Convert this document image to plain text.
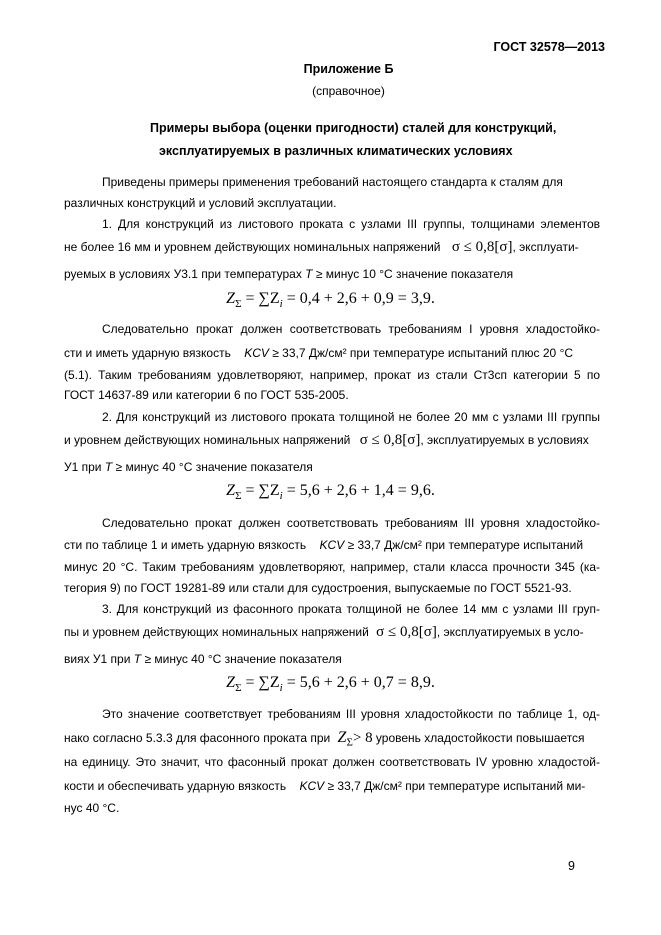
ГОСТ 32578—2013
Приложение Б
(справочное)
Примеры выбора (оценки пригодности) сталей для конструкций,
эксплуатируемых в различных климатических условиях
Приведены примеры применения требований настоящего стандарта к сталям для
различных конструкций и условий эксплуатации.
1. Для конструкций из листового проката с узлами III группы, толщинами элементов
не более 16 мм и уровнем действующих номинальных напряжений σ ≤ 0,8[σ], эксплуати-
руемых в условиях У3.1 при температурах T ≥ минус 10 °С значение показателя
$Z_\Sigma = \sum Z_i = 0,4 + 2,6 + 0,9 = 3,9$.
Следовательно прокат должен соответствовать требованиям I уровня хладостойко-
сти и иметь ударную вязкость KCV ≥ 33,7 Дж/см² при температуре испытаний плюс 20 °С
(5.1). Таким требованиям удовлетворяют, например, прокат из стали Ст3сп категории 5 по
ГОСТ 14637-89 или категории 6 по ГОСТ 535-2005.
2. Для конструкций из листового проката толщиной не более 20 мм с узлами III группы
и уровнем действующих номинальных напряжений σ ≤ 0,8[σ], эксплуатируемых в условиях
У1 при T ≥ минус 40 °С значение показателя
$Z_\Sigma = \sum Z_i = 5,6 + 2,6 + 1,4 = 9,6$.
Следовательно прокат должен соответствовать требованиям III уровня хладостойко-
сти по таблице 1 и иметь ударную вязкость KCV ≥ 33,7 Дж/см² при температуре испытаний
минус 20 °С. Таким требованиям удовлетворяют, например, стали класса прочности 345 (ка-
тегория 9) по ГОСТ 19281-89 или стали для судостроения, выпускаемые по ГОСТ 5521-93.
3. Для конструкций из фасонного проката толщиной не более 14 мм с узлами III груп-
пы и уровнем действующих номинальных напряжений σ ≤ 0,8[σ], эксплуатируемых в усло-
виях У1 при T ≥ минус 40 °С значение показателя
$Z_\Sigma = \sum Z_i = 5,6 + 2,6 + 0,7 = 8,9$.
Это значение соответствует требованиям III уровня хладостойкости по таблице 1, од-
нако согласно 5.3.3 для фасонного проката при $Z_\Sigma> 8$ уровень хладостойкости повышается
на единицу. Это значит, что фасонный прокат должен соответствовать IV уровню хладостой-
кости и обеспечивать ударную вязкость KCV ≥ 33,7 Дж/см² при температуре испытаний ми-
нус 40 °С.
9
